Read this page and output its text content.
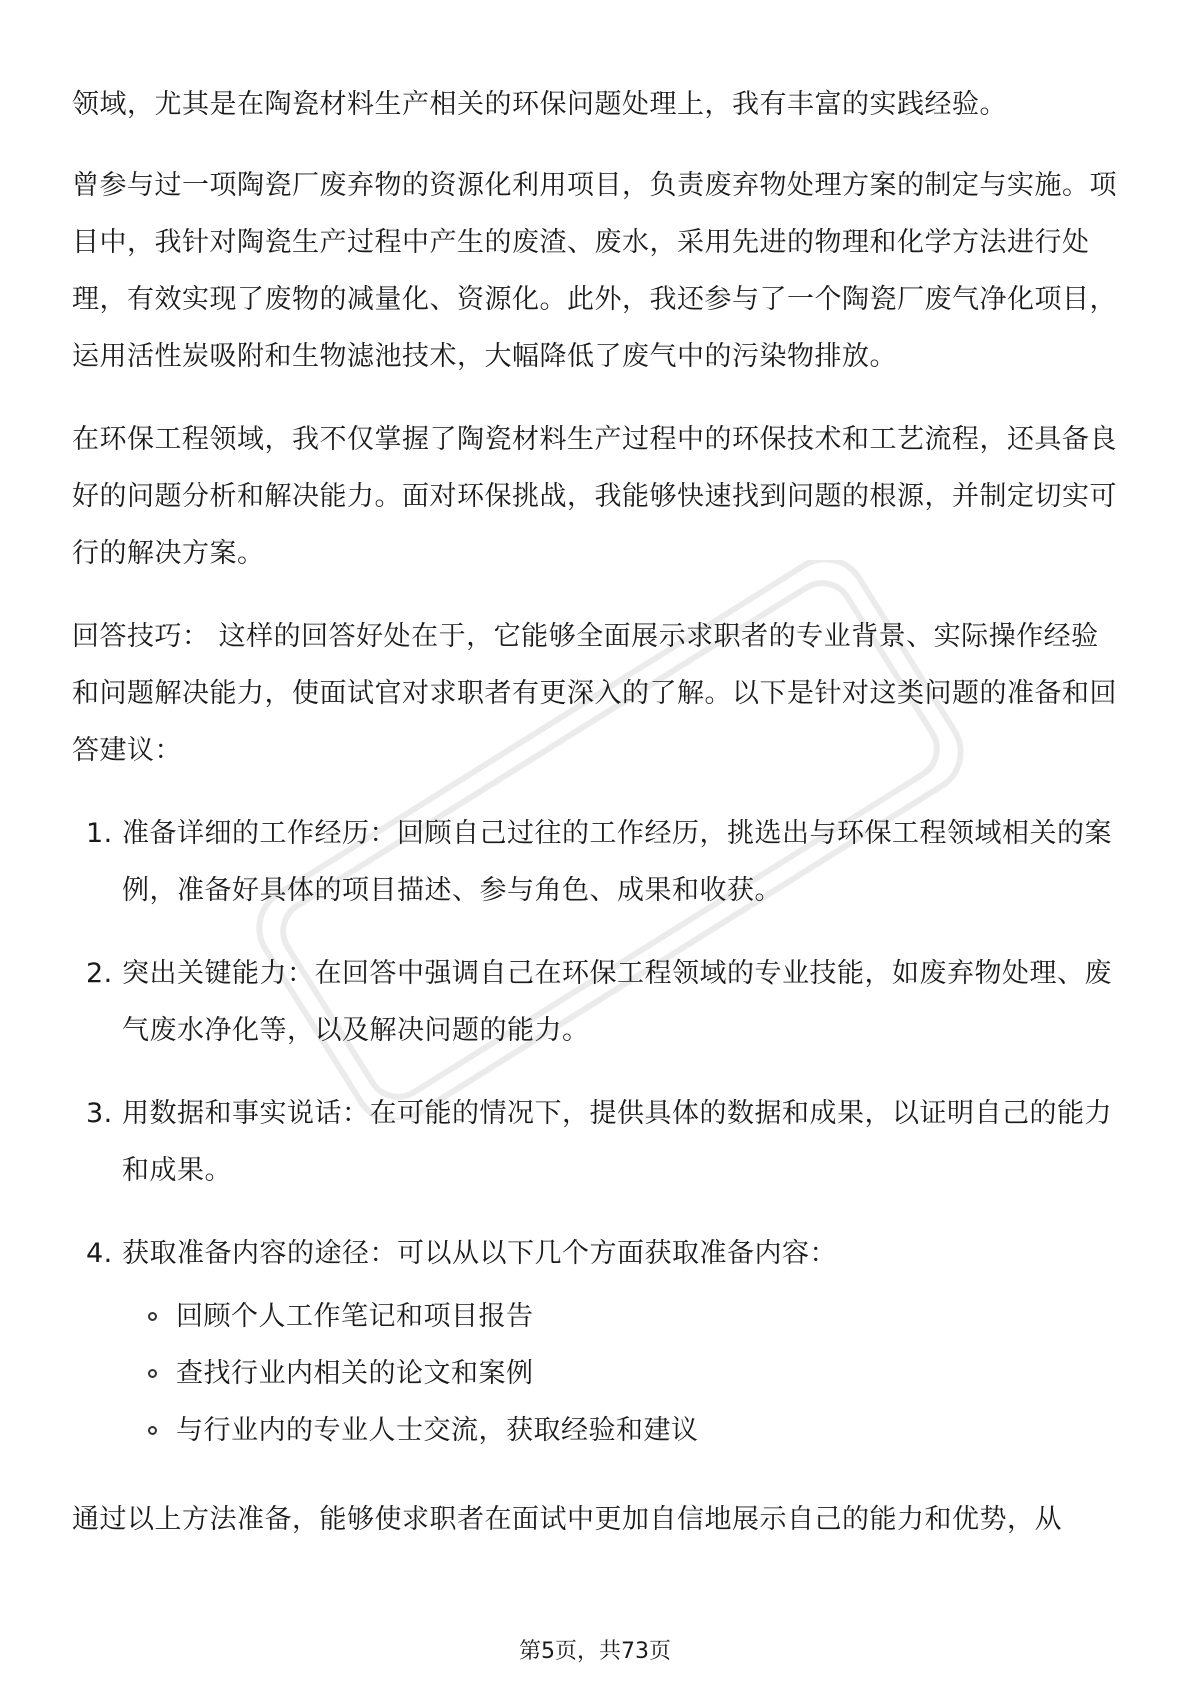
领域，尤其是在陶瓷材料生产相关的环保问题处理上，我有丰富的实践经验。

曾参与过一项陶瓷厂废弃物的资源化利用项目，负责废弃物处理方案的制定与实施。项目中，我针对陶瓷生产过程中产生的废渣、废水，采用先进的物理和化学方法进行处理，有效实现了废物的减量化、资源化。此外，我还参与了一个陶瓷厂废气净化项目，运用活性炭吸附和生物滤池技术，大幅降低了废气中的污染物排放。

在环保工程领域，我不仅掌握了陶瓷材料生产过程中的环保技术和工艺流程，还具备良好的问题分析和解决能力。面对环保挑战，我能够快速找到问题的根源，并制定切实可行的解决方案。

回答技巧： 这样的回答好处在于，它能够全面展示求职者的专业背景、实际操作经验和问题解决能力，使面试官对求职者有更深入的了解。以下是针对这类问题的准备和回答建议：

1. 准备详细的工作经历：回顾自己过往的工作经历，挑选出与环保工程领域相关的案例，准备好具体的项目描述、参与角色、成果和收获。
2. 突出关键能力：在回答中强调自己在环保工程领域的专业技能，如废弃物处理、废气废水净化等，以及解决问题的能力。
3. 用数据和事实说话：在可能的情况下，提供具体的数据和成果，以证明自己的能力和成果。
4. 获取准备内容的途径：可以从以下几个方面获取准备内容：
回顾个人工作笔记和项目报告
查找行业内相关的论文和案例
与行业内的专业人士交流，获取经验和建议

通过以上方法准备，能够使求职者在面试中更加自信地展示自己的能力和优势，从

第5页，共73页
